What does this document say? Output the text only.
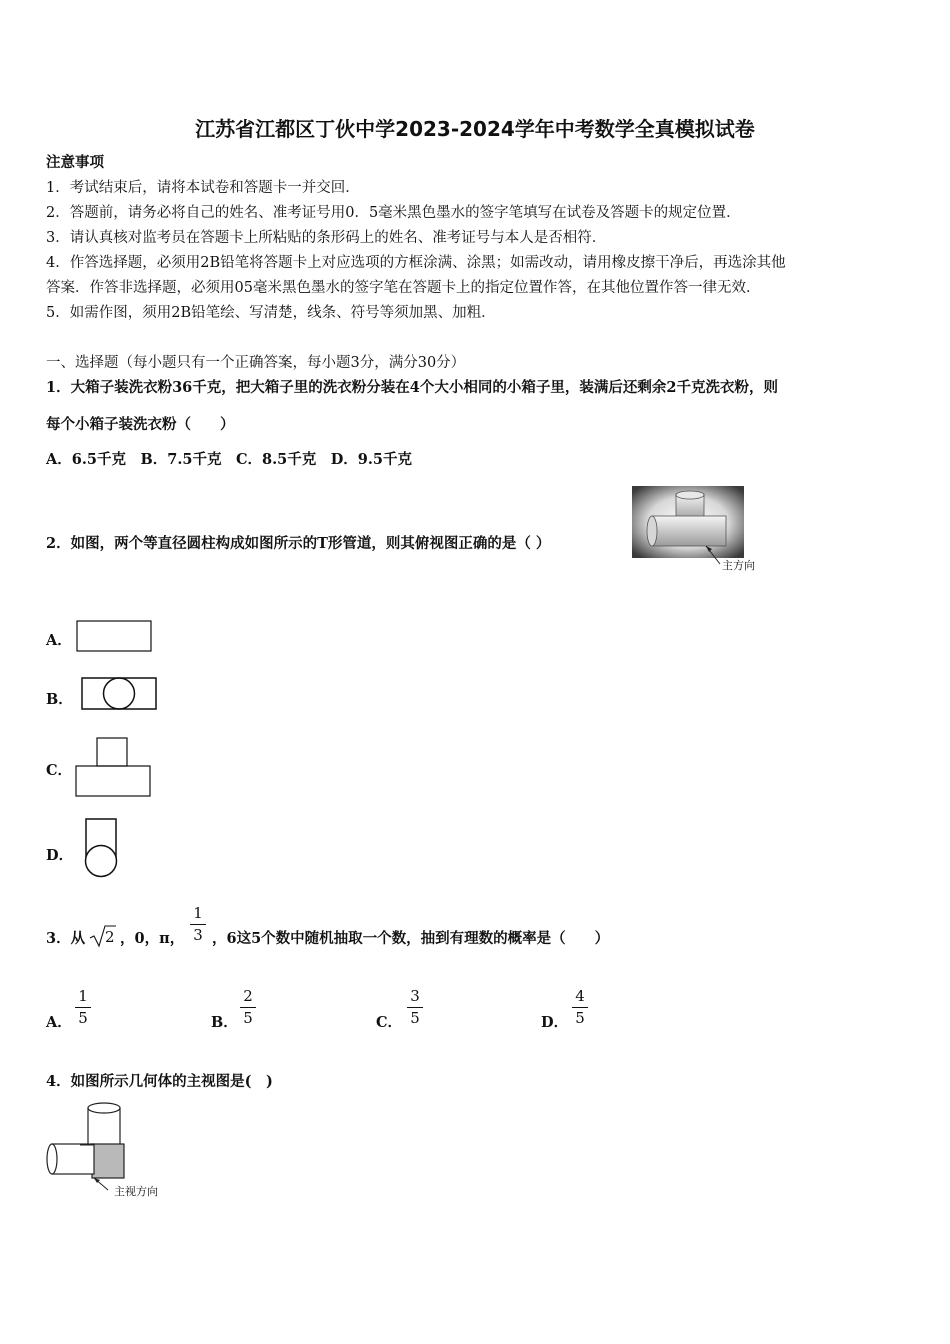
江苏省江都区丁伙中学2023-2024学年中考数学全真模拟试卷
注意事项
1．考试结束后，请将本试卷和答题卡一并交回．
2．答题前，请务必将自己的姓名、准考证号用0．5毫米黑色墨水的签字笔填写在试卷及答题卡的规定位置．
3．请认真核对监考员在答题卡上所粘贴的条形码上的姓名、准考证号与本人是否相符．
4．作答选择题，必须用2B铅笔将答题卡上对应选项的方框涂满、涂黑；如需改动，请用橡皮擦干净后，再选涂其他
答案．作答非选择题，必须用05毫米黑色墨水的签字笔在答题卡上的指定位置作答，在其他位置作答一律无效．
5．如需作图，须用2B铅笔绘、写清楚，线条、符号等须加黑、加粗．
一、选择题（每小题只有一个正确答案，每小题3分，满分30分）
1．大箱子装洗衣粉36千克，把大箱子里的洗衣粉分装在4个大小相同的小箱子里，装满后还剩余2千克洗衣粉，则
每个小箱子装洗衣粉（　　）
A．6.5千克　B．7.5千克　C．8.5千克　D．9.5千克
2．如图，两个等直径圆柱构成如图所示的T形管道，则其俯视图正确的是（ ）
主方向
A．
B．
C．
D．
3．从 2 ，0，π， $\frac{1}{3}$ ，6这5个数中随机抽取一个数，抽到有理数的概率是（　　）
A． $\frac{1}{5}$	B． $\frac{2}{5}$	C． $\frac{3}{5}$	D． $\frac{4}{5}$
4．如图所示几何体的主视图是(　)
主视方向
